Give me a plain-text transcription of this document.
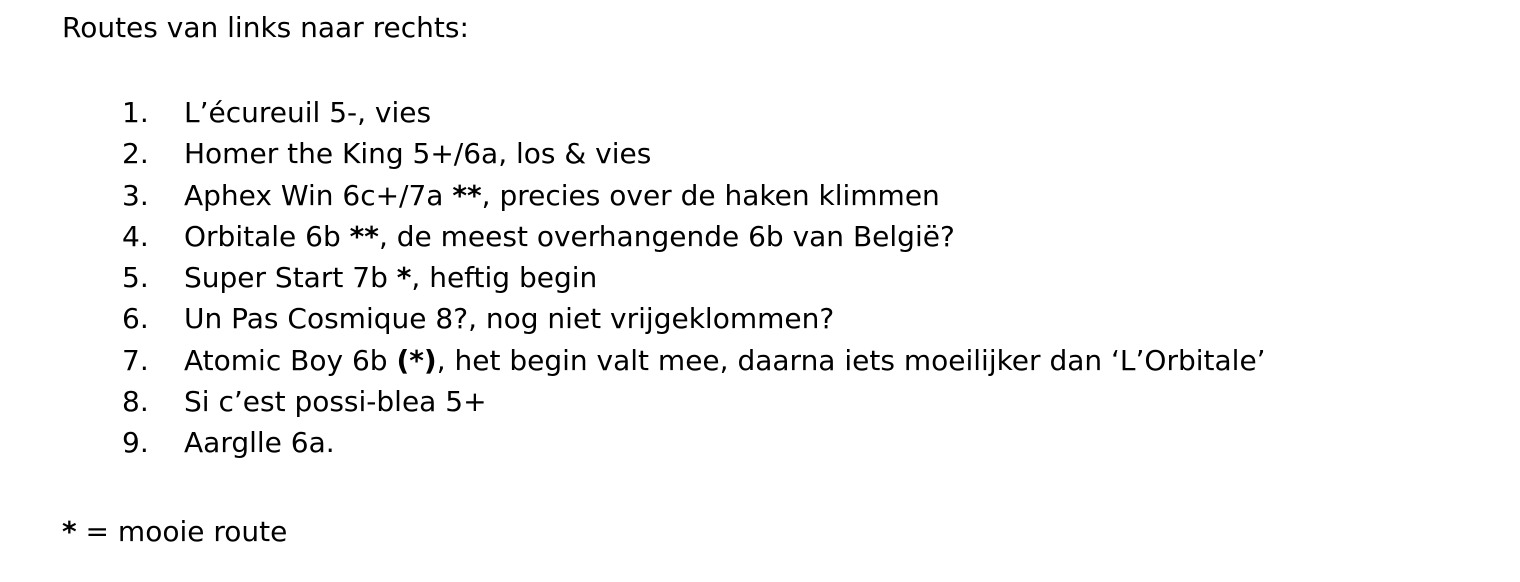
Routes van links naar rechts:
1.	L’écureuil 5-, vies
2.	Homer the King 5+/6a, los & vies
3.	Aphex Win 6c+/7a **, precies over de haken klimmen
4.	Orbitale 6b **, de meest overhangende 6b van België?
5.	Super Start 7b *, heftig begin
6.	Un Pas Cosmique 8?, nog niet vrijgeklommen?
7.	Atomic Boy 6b (*), het begin valt mee, daarna iets moeilijker dan ‘L’Orbitale’
8.	Si c’est possi-blea 5+
9.	Aarglle 6a.
* = mooie route
